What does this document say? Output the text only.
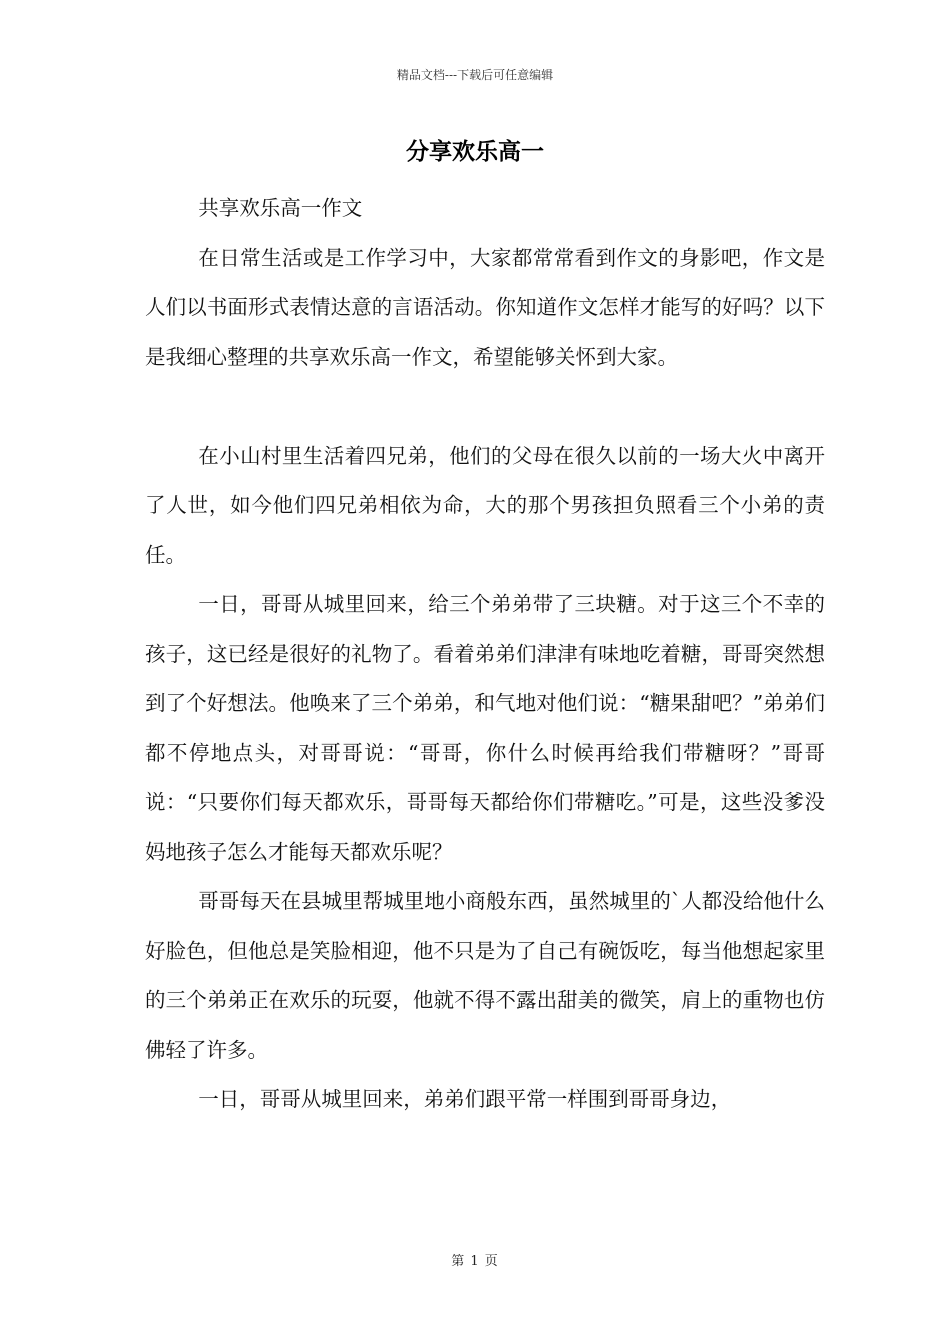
精品文档---下载后可任意编辑
分享欢乐高一

共享欢乐高一作文

在日常生活或是工作学习中，大家都常常看到作文的身影吧，作文是人们以书面形式表情达意的言语活动。你知道作文怎样才能写的好吗？以下是我细心整理的共享欢乐高一作文，希望能够关怀到大家。

在小山村里生活着四兄弟，他们的父母在很久以前的一场大火中离开了人世，如今他们四兄弟相依为命，大的那个男孩担负照看三个小弟的责任。

一日，哥哥从城里回来，给三个弟弟带了三块糖。对于这三个不幸的孩子，这已经是很好的礼物了。看着弟弟们津津有味地吃着糖，哥哥突然想到了个好想法。他唤来了三个弟弟，和气地对他们说：“糖果甜吧？”弟弟们都不停地点头，对哥哥说：“哥哥，你什么时候再给我们带糖呀？”哥哥说：“只要你们每天都欢乐，哥哥每天都给你们带糖吃。”可是，这些没爹没妈地孩子怎么才能每天都欢乐呢？

哥哥每天在县城里帮城里地小商般东西，虽然城里的`人都没给他什么好脸色，但他总是笑脸相迎，他不只是为了自己有碗饭吃，每当他想起家里的三个弟弟正在欢乐的玩耍，他就不得不露出甜美的微笑，肩上的重物也仿佛轻了许多。

一日，哥哥从城里回来，弟弟们跟平常一样围到哥哥身边，

第 1 页
